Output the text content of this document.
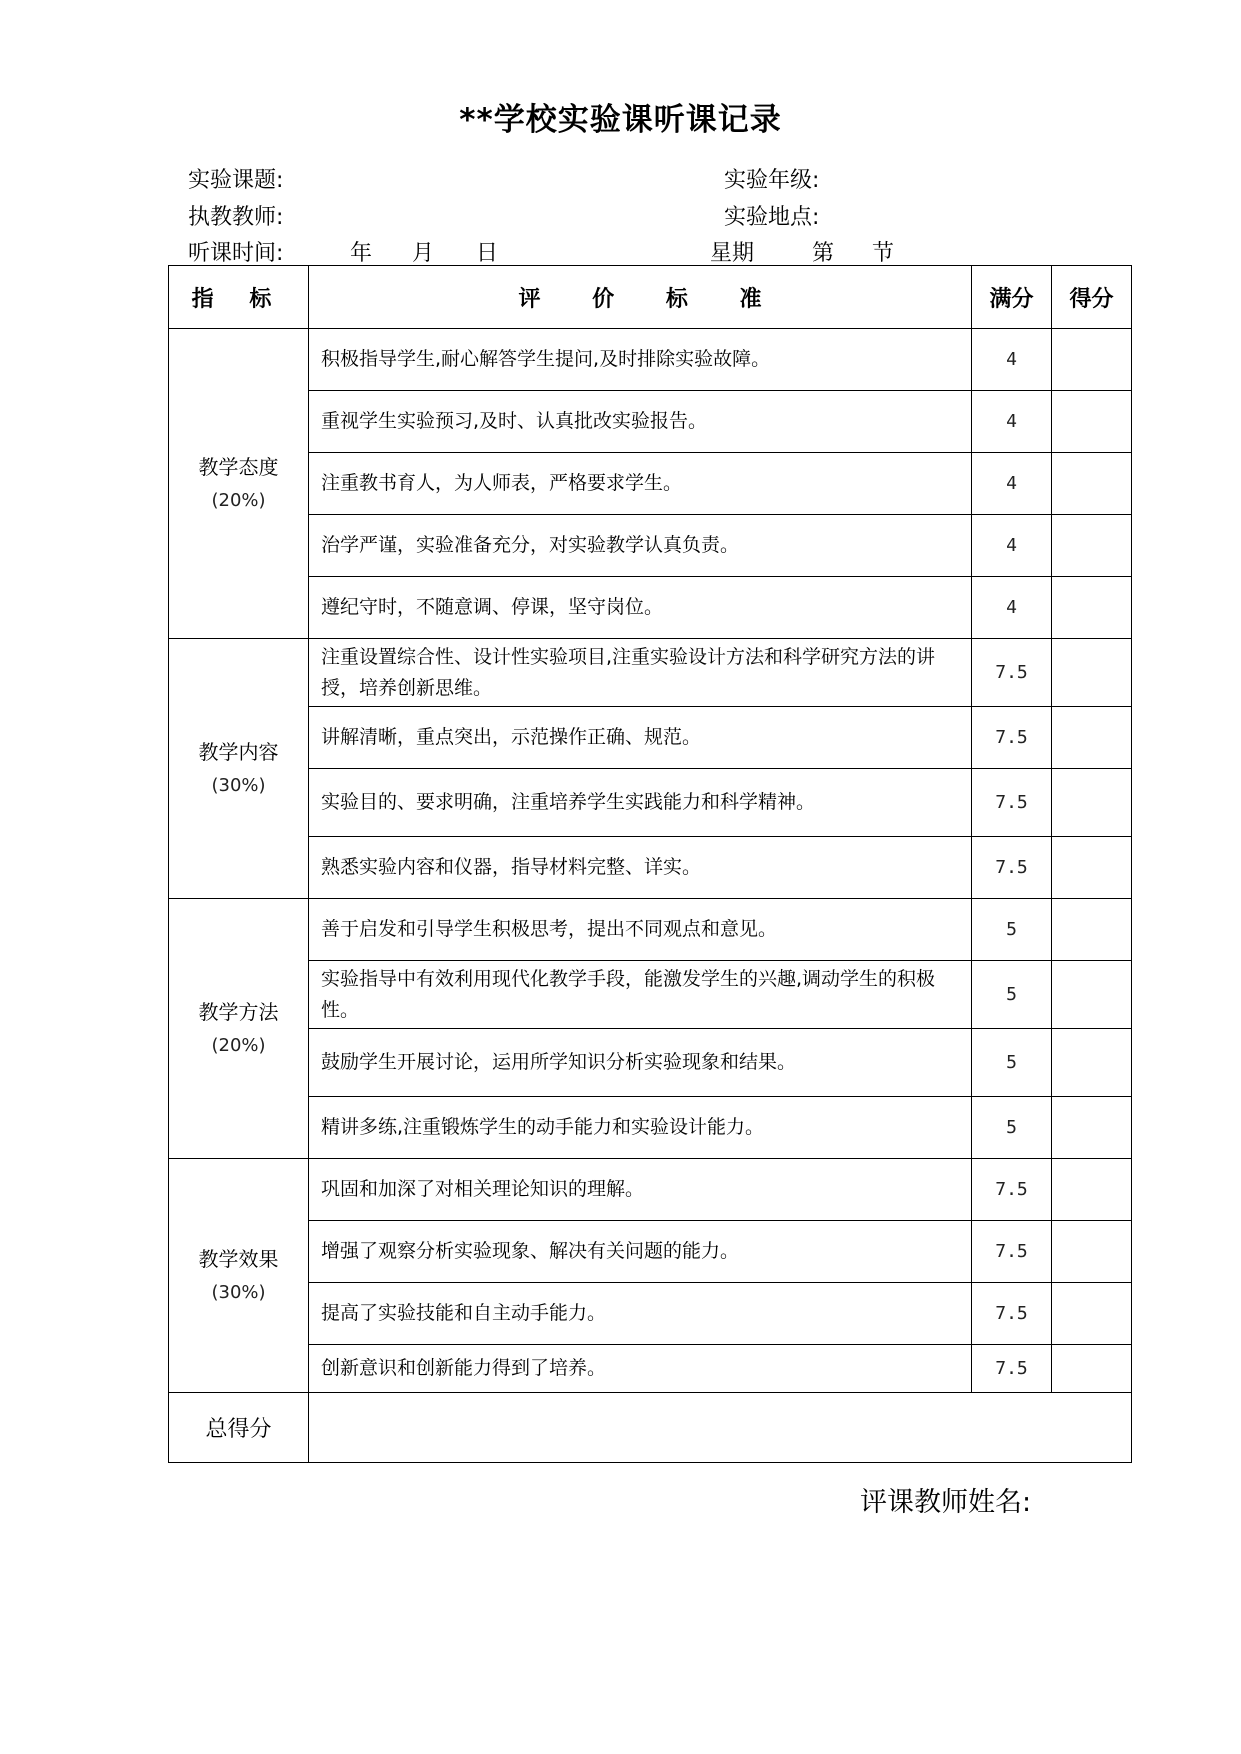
**学校实验课听课记录
实验课题:	实验年级:
执教教师:	实验地点:
听课时间:	年 月 日	星期	第 节
指 标	评 价 标 准	满分	得分

教学态度
(20%)	积极指导学生,耐心解答学生提问,及时排除实验故障。	4	
	重视学生实验预习,及时、认真批改实验报告。	4	
	注重教书育人，为人师表，严格要求学生。	4	
	治学严谨，实验准备充分，对实验教学认真负责。	4	
	遵纪守时，不随意调、停课，坚守岗位。	4	

教学内容
(30%)	注重设置综合性、设计性实验项目,注重实验设计方法和科学研究方法的讲授，培养创新思维。	7.5	
	讲解清晰，重点突出，示范操作正确、规范。	7.5	
	实验目的、要求明确，注重培养学生实践能力和科学精神。	7.5	
	熟悉实验内容和仪器，指导材料完整、详实。	7.5	

教学方法
(20%)	善于启发和引导学生积极思考，提出不同观点和意见。	5	
	实验指导中有效利用现代化教学手段，能激发学生的兴趣,调动学生的积极性。	5	
	鼓励学生开展讨论，运用所学知识分析实验现象和结果。	5	
	精讲多练,注重锻炼学生的动手能力和实验设计能力。	5	

教学效果
(30%)	巩固和加深了对相关理论知识的理解。	7.5	
	增强了观察分析实验现象、解决有关问题的能力。	7.5	
	提高了实验技能和自主动手能力。	7.5	
	创新意识和创新能力得到了培养。	7.5	
总得分			
评课教师姓名:
